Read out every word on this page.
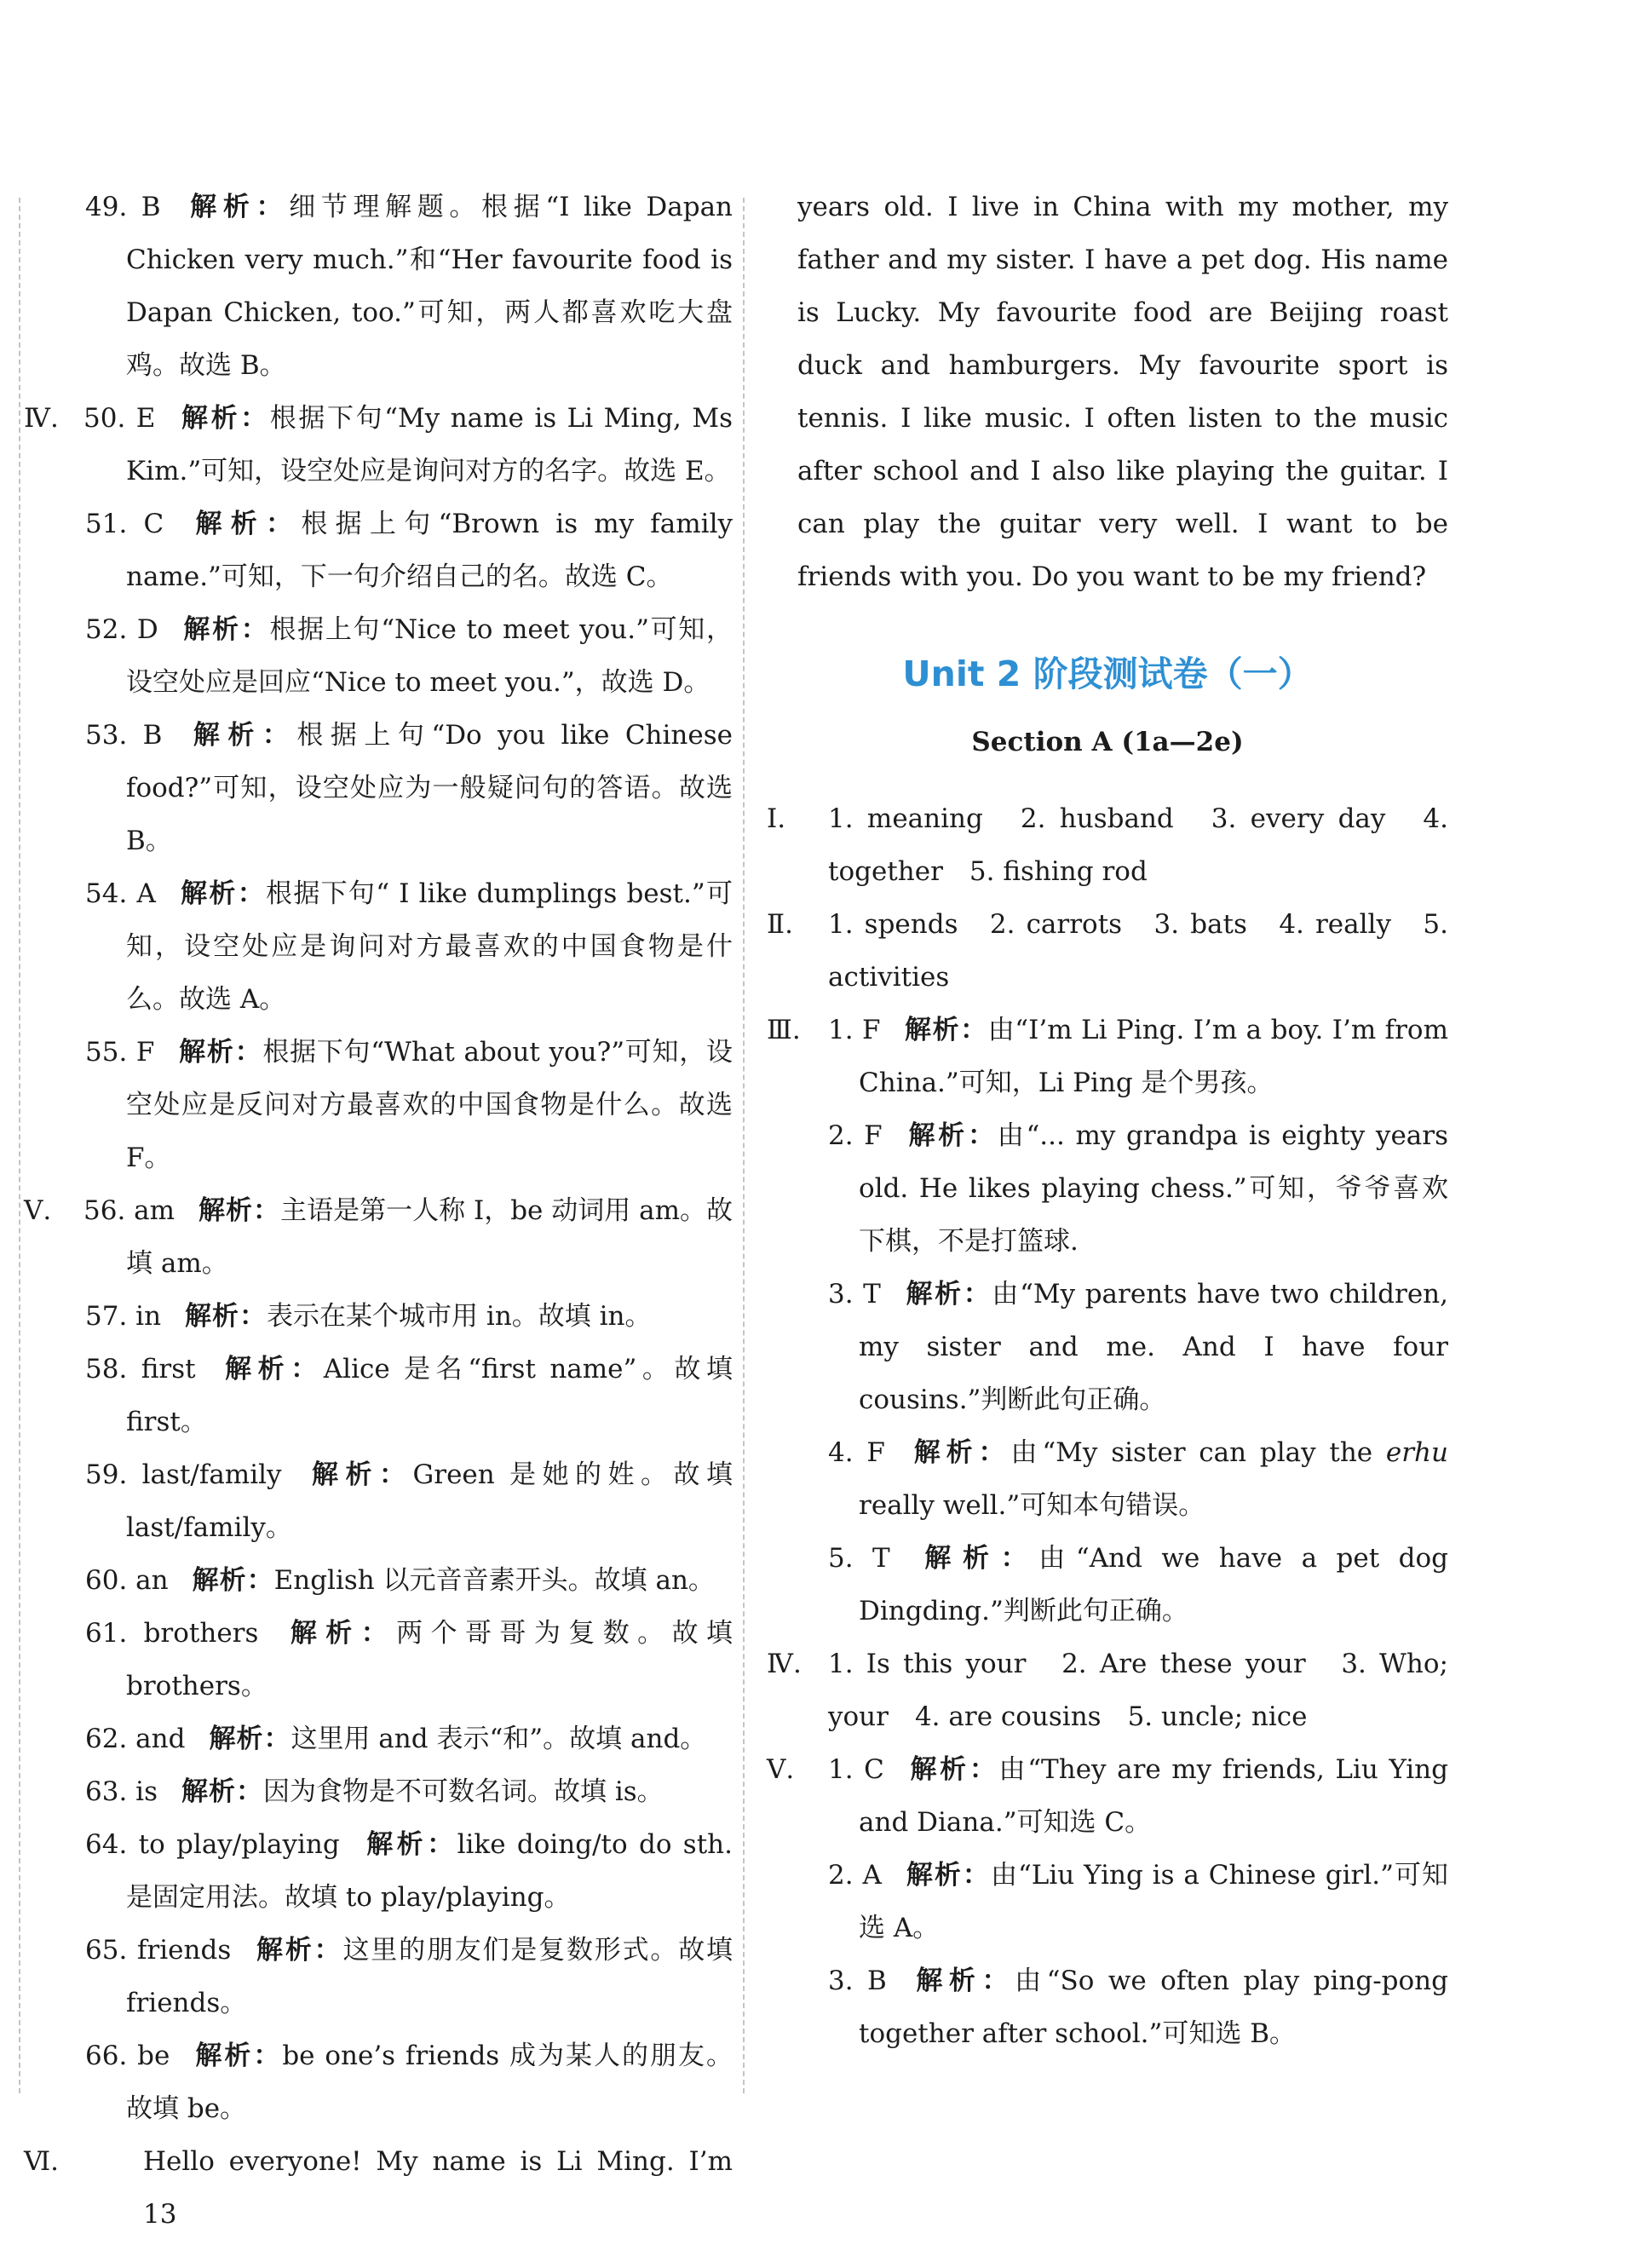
49. B 解析：细节理解题。根据“I like Dapan Chicken very much.”和“Her favourite food is Dapan Chicken, too.”可知，两人都喜欢吃大盘鸡。故选 B。
Ⅳ. 50. E 解析：根据下句“My name is Li Ming, Ms Kim.”可知，设空处应是询问对方的名字。故选 E。
51. C 解析：根据上句“Brown is my family name.”可知，下一句介绍自己的名。故选 C。
52. D 解析：根据上句“Nice to meet you.”可知，设空处应是回应“Nice to meet you.”，故选 D。
53. B 解析：根据上句“Do you like Chinese food?”可知，设空处应为一般疑问句的答语。故选 B。
54. A 解析：根据下句“ I like dumplings best.”可知，设空处应是询问对方最喜欢的中国食物是什么。故选 A。
55. F 解析：根据下句“What about you?”可知，设空处应是反问对方最喜欢的中国食物是什么。故选 F。
Ⅴ. 56. am 解析：主语是第一人称 I，be 动词用 am。故填 am。
57. in 解析：表示在某个城市用 in。故填 in。
58. first 解析：Alice 是名“first name”。故填 first。
59. last/family 解析：Green 是她的姓。故填 last/family。
60. an 解析：English 以元音音素开头。故填 an。
61. brothers 解析：两个哥哥为复数。故填 brothers。
62. and 解析：这里用 and 表示“和”。故填 and。
63. is 解析：因为食物是不可数名词。故填 is。
64. to play/playing 解析：like doing/to do sth. 是固定用法。故填 to play/playing。
65. friends 解析：这里的朋友们是复数形式。故填 friends。
66. be 解析：be one’s friends 成为某人的朋友。故填 be。
Ⅵ.	Hello everyone! My name is Li Ming. I’m 13
years old. I live in China with my mother, my father and my sister. I have a pet dog. His name is Lucky. My favourite food are Beijing roast duck and hamburgers. My favourite sport is tennis. I like music. I often listen to the music after school and I also like playing the guitar. I can play the guitar very well. I want to be friends with you. Do you want to be my friend?
Unit 2 阶段测试卷（一）
Section A (1a—2e)
Ⅰ. 1. meaning　2. husband　3. every day　4. together　5. fishing rod
Ⅱ. 1. spends　2. carrots　3. bats　4. really　5. activities
Ⅲ. 1. F 解析：由“I’m Li Ping. I’m a boy. I’m from China.”可知，Li Ping 是个男孩。
2. F 解析：由“... my grandpa is eighty years old. He likes playing chess.”可知，爷爷喜欢下棋，不是打篮球.
3. T 解析：由“My parents have two children, my sister and me. And I have four cousins.”判断此句正确。
4. F 解析：由“My sister can play the erhu really well.”可知本句错误。
5. T 解析：由“And we have a pet dog Dingding.”判断此句正确。
Ⅳ. 1. Is this your　2. Are these your　3. Who; your　4. are cousins　5. uncle; nice
Ⅴ. 1. C 解析：由“They are my friends, Liu Ying and Diana.”可知选 C。
2. A 解析：由“Liu Ying is a Chinese girl.”可知选 A。
3. B 解析：由“So we often play ping-pong together after school.”可知选 B。
